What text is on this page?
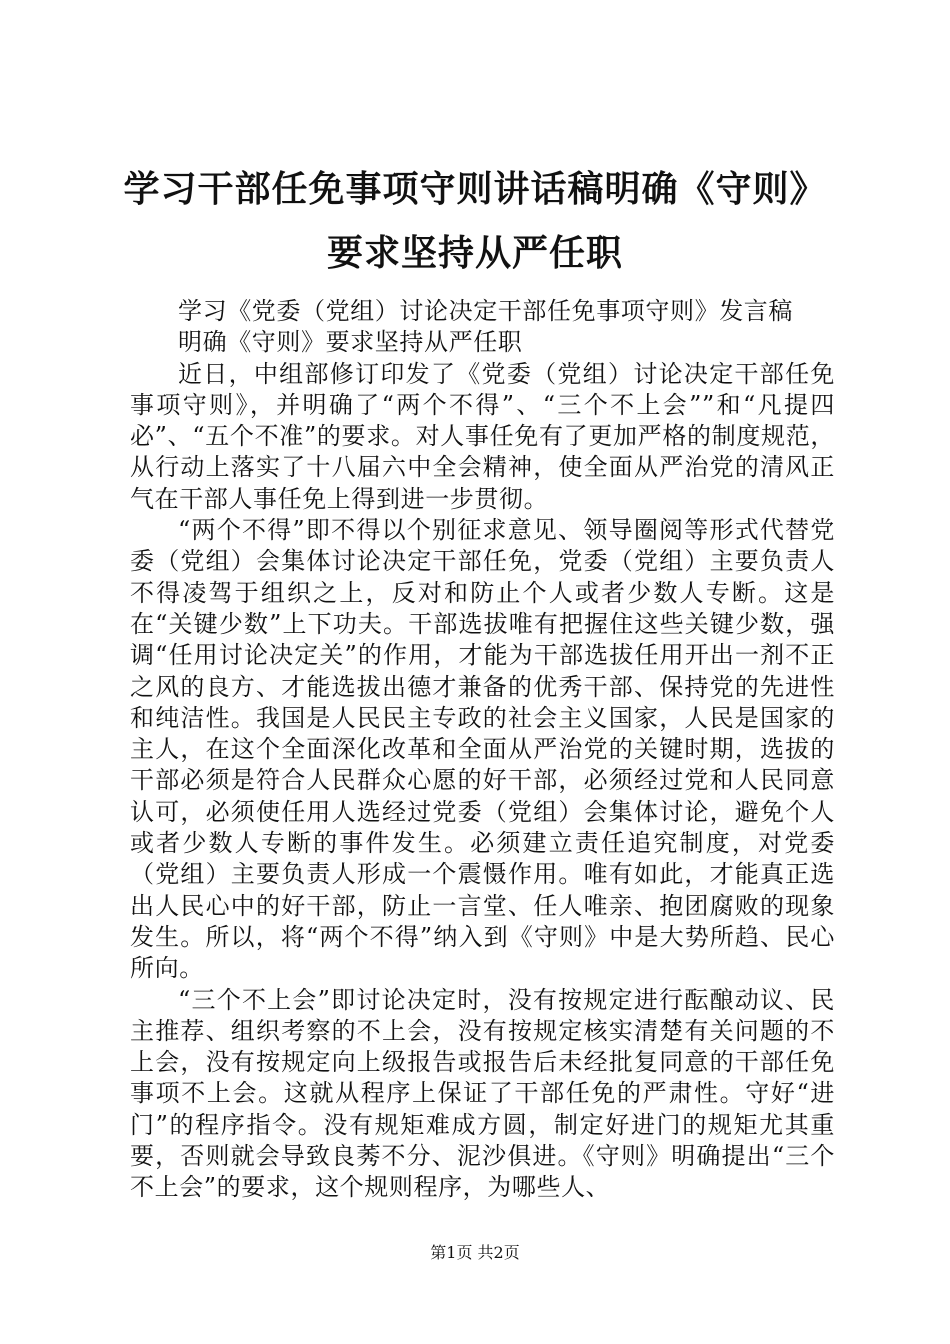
学习干部任免事项守则讲话稿明确《守则》要求坚持从严任职

学习《党委（党组）讨论决定干部任免事项守则》发言稿

明确《守则》要求坚持从严任职

近日，中组部修订印发了《党委（党组）讨论决定干部任免事项守则》，并明确了“两个不得”、“三个不上会””和“凡提四必”、“五个不准”的要求。对人事任免有了更加严格的制度规范，从行动上落实了十八届六中全会精神，使全面从严治党的清风正气在干部人事任免上得到进一步贯彻。

“两个不得”即不得以个别征求意见、领导圈阅等形式代替党委（党组）会集体讨论决定干部任免，党委（党组）主要负责人不得凌驾于组织之上，反对和防止个人或者少数人专断。这是在“关键少数”上下功夫。干部选拔唯有把握住这些关键少数，强调“任用讨论决定关”的作用，才能为干部选拔任用开出一剂不正之风的良方、才能选拔出德才兼备的优秀干部、保持党的先进性和纯洁性。我国是人民民主专政的社会主义国家，人民是国家的主人，在这个全面深化改革和全面从严治党的关键时期，选拔的干部必须是符合人民群众心愿的好干部，必须经过党和人民同意认可，必须使任用人选经过党委（党组）会集体讨论，避免个人或者少数人专断的事件发生。必须建立责任追究制度，对党委（党组）主要负责人形成一个震慑作用。唯有如此，才能真正选出人民心中的好干部，防止一言堂、任人唯亲、抱团腐败的现象发生。所以，将“两个不得”纳入到《守则》中是大势所趋、民心所向。

“三个不上会”即讨论决定时，没有按规定进行酝酿动议、民主推荐、组织考察的不上会，没有按规定核实清楚有关问题的不上会，没有按规定向上级报告或报告后未经批复同意的干部任免事项不上会。这就从程序上保证了干部任免的严肃性。守好“进门”的程序指令。没有规矩难成方圆，制定好进门的规矩尤其重要，否则就会导致良莠不分、泥沙俱进。《守则》明确提出“三个不上会”的要求，这个规则程序，为哪些人、

第1页 共2页
